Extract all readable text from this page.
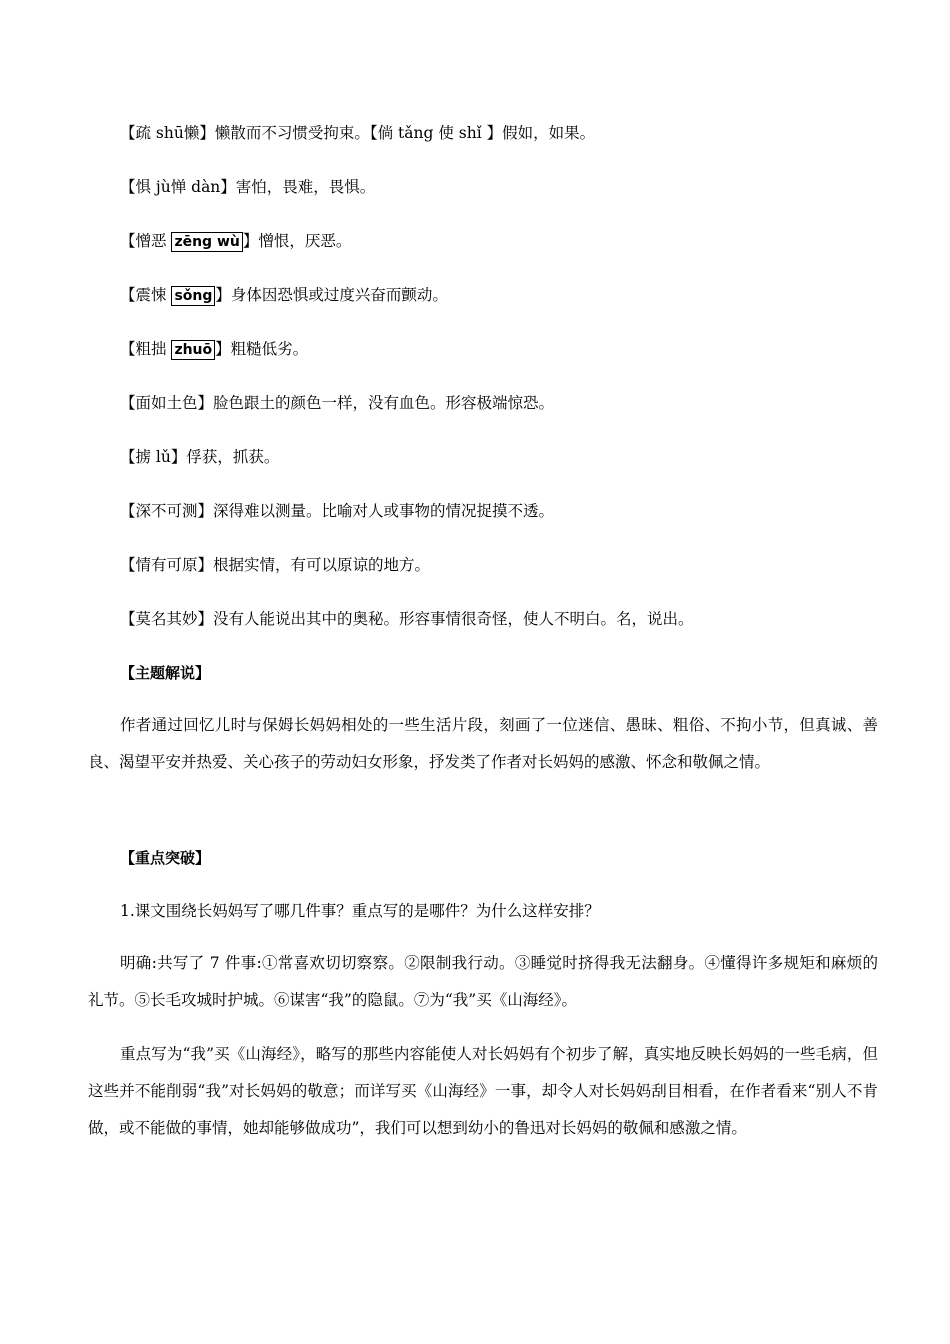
【疏 shū懒】懒散而不习惯受拘束。【倘 tǎng 使 shǐ 】假如，如果。
【惧 jù惮 dàn】害怕，畏难，畏惧。
【憎恶 zēng wù 】憎恨，厌恶。
【震悚 sǒng 】身体因恐惧或过度兴奋而颤动。
【粗拙 zhuō 】粗糙低劣。
【面如土色】脸色跟土的颜色一样，没有血色。形容极端惊恐。
【掳 lǔ】俘获，抓获。
【深不可测】深得难以测量。比喻对人或事物的情况捉摸不透。
【情有可原】根据实情，有可以原谅的地方。
【莫名其妙】没有人能说出其中的奥秘。形容事情很奇怪，使人不明白。名，说出。
【主题解说】
作者通过回忆儿时与保姆长妈妈相处的一些生活片段，刻画了一位迷信、愚昧、粗俗、不拘小节，但真诚、善良、渴望平安并热爱、关心孩子的劳动妇女形象，抒发类了作者对长妈妈的感激、怀念和敬佩之情。
【重点突破】
1.课文围绕长妈妈写了哪几件事？重点写的是哪件？为什么这样安排？
明确:共写了 7 件事:①常喜欢切切察察。②限制我行动。③睡觉时挤得我无法翻身。④懂得许多规矩和麻烦的礼节。⑤长毛攻城时护城。⑥谋害“我”的隐鼠。⑦为“我”买《山海经》。
重点写为“我”买《山海经》，略写的那些内容能使人对长妈妈有个初步了解，真实地反映长妈妈的一些毛病，但这些并不能削弱“我”对长妈妈的敬意；而详写买《山海经》一事，却令人对长妈妈刮目相看，在作者看来“别人不肯做，或不能做的事情，她却能够做成功”，我们可以想到幼小的鲁迅对长妈妈的敬佩和感激之情。
